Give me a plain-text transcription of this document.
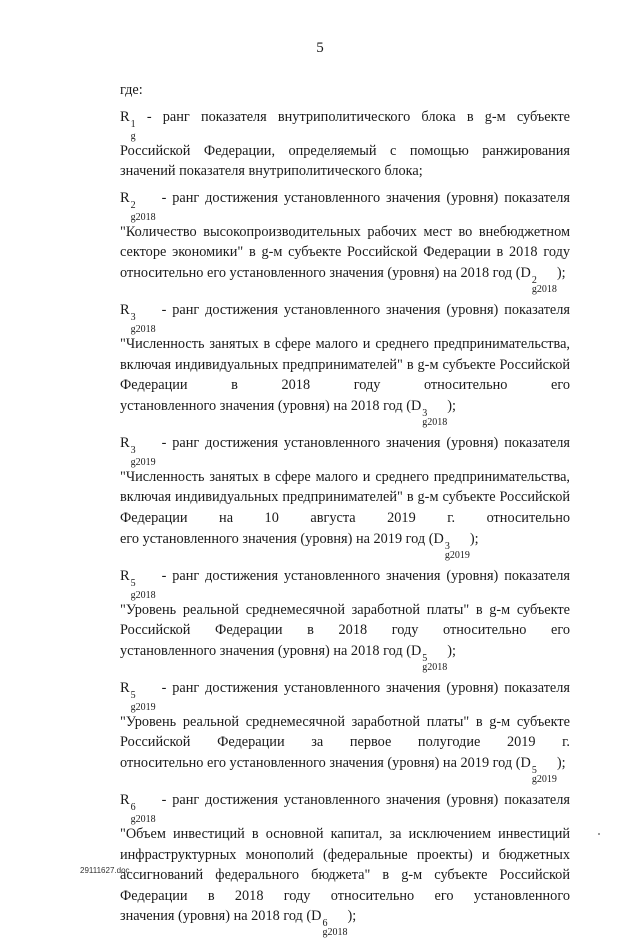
5

где:

R 1
g
- ранг показателя внутриполитического блока в g-м субъекте Российской Федерации, определяемый с помощью ранжирования значений показателя внутриполитического блока;

R 2
g2018
- ранг достижения установленного значения (уровня) показателя "Количество высокопроизводительных рабочих мест во внебюджетном секторе экономики" в g-м субъекте Российской Федерации в 2018 году относительно его установленного значения (уровня) на 2018 год (D 2
g2018
);

R 3
g2018
- ранг достижения установленного значения (уровня) показателя "Численность занятых в сфере малого и среднего предпринимательства, включая индивидуальных предпринимателей" в g-м субъекте Российской Федерации в 2018 году относительно его установленного значения (уровня) на 2018 год (D 3
g2018
);

R 3
g2019
- ранг достижения установленного значения (уровня) показателя "Численность занятых в сфере малого и среднего предпринимательства, включая индивидуальных предпринимателей" в g-м субъекте Российской Федерации на 10 августа 2019 г. относительно его установленного значения (уровня) на 2019 год (D 3
g2019
);

R 5
g2018
- ранг достижения установленного значения (уровня) показателя "Уровень реальной среднемесячной заработной платы" в g-м субъекте Российской Федерации в 2018 году относительно его установленного значения (уровня) на 2018 год (D 5
g2018
);

R 5
g2019
- ранг достижения установленного значения (уровня) показателя "Уровень реальной среднемесячной заработной платы" в g-м субъекте Российской Федерации за первое полугодие 2019 г. относительно его установленного значения (уровня) на 2019 год (D 5
g2019
);

R 6
g2018
- ранг достижения установленного значения (уровня) показателя "Объем инвестиций в основной капитал, за исключением инвестиций инфраструктурных монополий (федеральные проекты) и бюджетных ассигнований федерального бюджета" в g-м субъекте Российской Федерации в 2018 году относительно его установленного значения (уровня) на 2018 год (D 6
g2018
);

29111627.doc
